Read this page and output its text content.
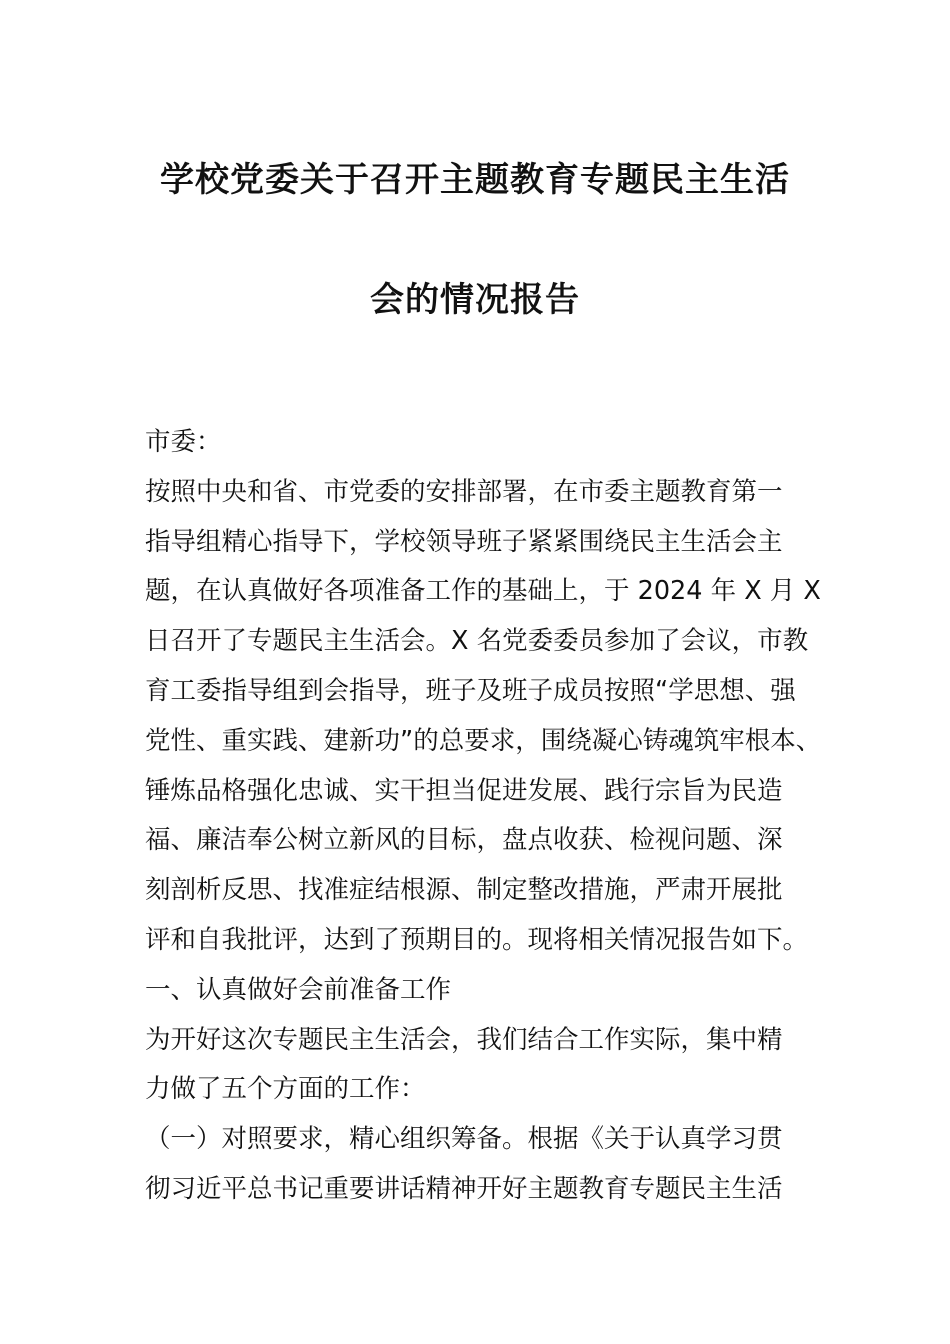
学校党委关于召开主题教育专题民主生活
会的情况报告
市委：
按照中央和省、市党委的安排部署，在市委主题教育第一
指导组精心指导下，学校领导班子紧紧围绕民主生活会主
题，在认真做好各项准备工作的基础上，于 2024 年 X 月 X
日召开了专题民主生活会。X 名党委委员参加了会议，市教
育工委指导组到会指导，班子及班子成员按照“学思想、强
党性、重实践、建新功”的总要求，围绕凝心铸魂筑牢根本、
锤炼品格强化忠诚、实干担当促进发展、践行宗旨为民造
福、廉洁奉公树立新风的目标，盘点收获、检视问题、深
刻剖析反思、找准症结根源、制定整改措施，严肃开展批
评和自我批评，达到了预期目的。现将相关情况报告如下。
一、认真做好会前准备工作
为开好这次专题民主生活会，我们结合工作实际，集中精
力做了五个方面的工作：
（一）对照要求，精心组织筹备。根据《关于认真学习贯
彻习近平总书记重要讲话精神开好主题教育专题民主生活
